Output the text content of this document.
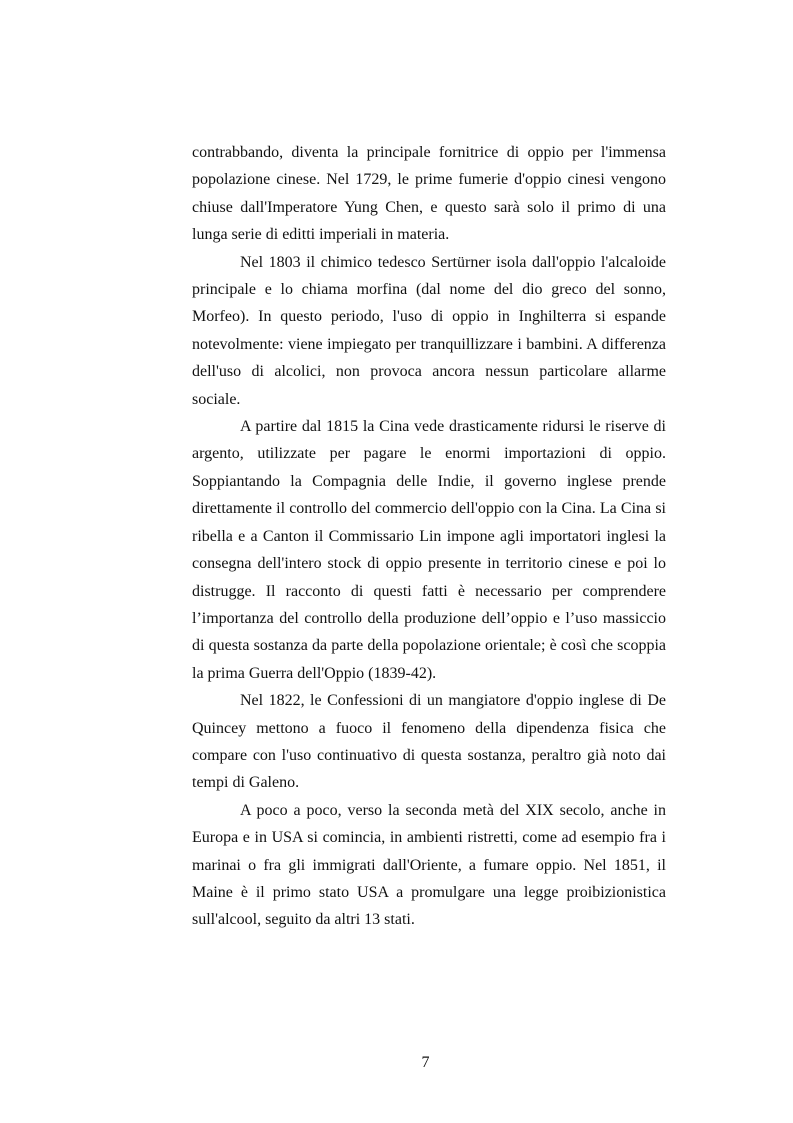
contrabbando, diventa la principale fornitrice di oppio per l'immensa
popolazione cinese. Nel 1729, le prime fumerie d'oppio cinesi vengono
chiuse dall'Imperatore Yung Chen, e questo sarà solo il primo di una
lunga serie di editti imperiali in materia.
Nel 1803 il chimico tedesco Sertürner isola dall'oppio l'alcaloide
principale e lo chiama morfina (dal nome del dio greco del sonno,
Morfeo). In questo periodo, l'uso di oppio in Inghilterra si espande
notevolmente: viene impiegato per tranquillizzare i bambini. A differenza
dell'uso di alcolici, non provoca ancora nessun particolare allarme
sociale.
A partire dal 1815 la Cina vede drasticamente ridursi le riserve di
argento, utilizzate per pagare le enormi importazioni di oppio.
Soppiantando la Compagnia delle Indie, il governo inglese prende
direttamente il controllo del commercio dell'oppio con la Cina. La Cina si
ribella e a Canton il Commissario Lin impone agli importatori inglesi la
consegna dell'intero stock di oppio presente in territorio cinese e poi lo
distrugge. Il racconto di questi fatti è necessario per comprendere
l’importanza del controllo della produzione dell’oppio e l’uso massiccio
di questa sostanza da parte della popolazione orientale; è così che scoppia
la prima Guerra dell'Oppio (1839-42).
Nel 1822, le Confessioni di un mangiatore d'oppio inglese di De
Quincey mettono a fuoco il fenomeno della dipendenza fisica che
compare con l'uso continuativo di questa sostanza, peraltro già noto dai
tempi di Galeno.
A poco a poco, verso la seconda metà del XIX secolo, anche in
Europa e in USA si comincia, in ambienti ristretti, come ad esempio fra i
marinai o fra gli immigrati dall'Oriente, a fumare oppio. Nel 1851, il
Maine è il primo stato USA a promulgare una legge proibizionistica
sull'alcool, seguito da altri 13 stati.
7
